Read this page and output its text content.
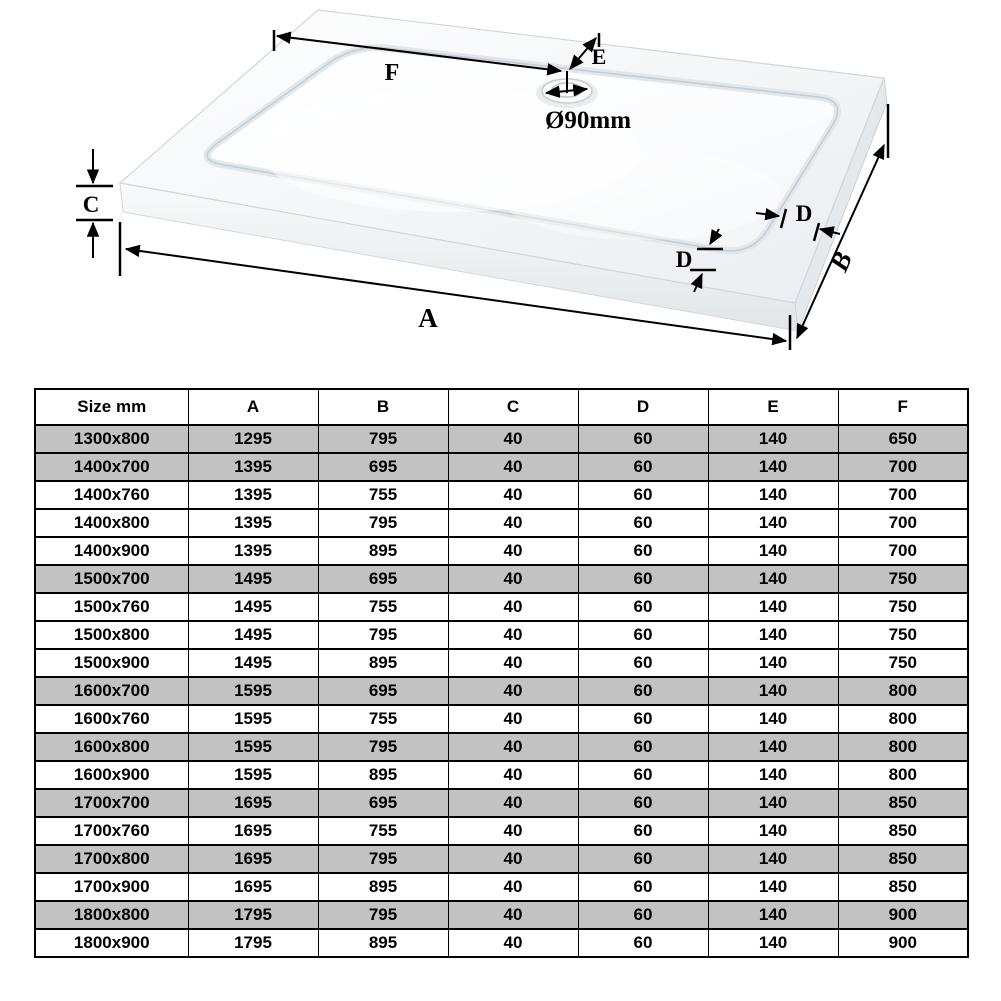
F
E
Ø90mm
C
A
B
D
D
Size mm	A	B	C	D	E	F
1300x800	1295	795	40	60	140	650
1400x700	1395	695	40	60	140	700
1400x760	1395	755	40	60	140	700
1400x800	1395	795	40	60	140	700
1400x900	1395	895	40	60	140	700
1500x700	1495	695	40	60	140	750
1500x760	1495	755	40	60	140	750
1500x800	1495	795	40	60	140	750
1500x900	1495	895	40	60	140	750
1600x700	1595	695	40	60	140	800
1600x760	1595	755	40	60	140	800
1600x800	1595	795	40	60	140	800
1600x900	1595	895	40	60	140	800
1700x700	1695	695	40	60	140	850
1700x760	1695	755	40	60	140	850
1700x800	1695	795	40	60	140	850
1700x900	1695	895	40	60	140	850
1800x800	1795	795	40	60	140	900
1800x900	1795	895	40	60	140	900
